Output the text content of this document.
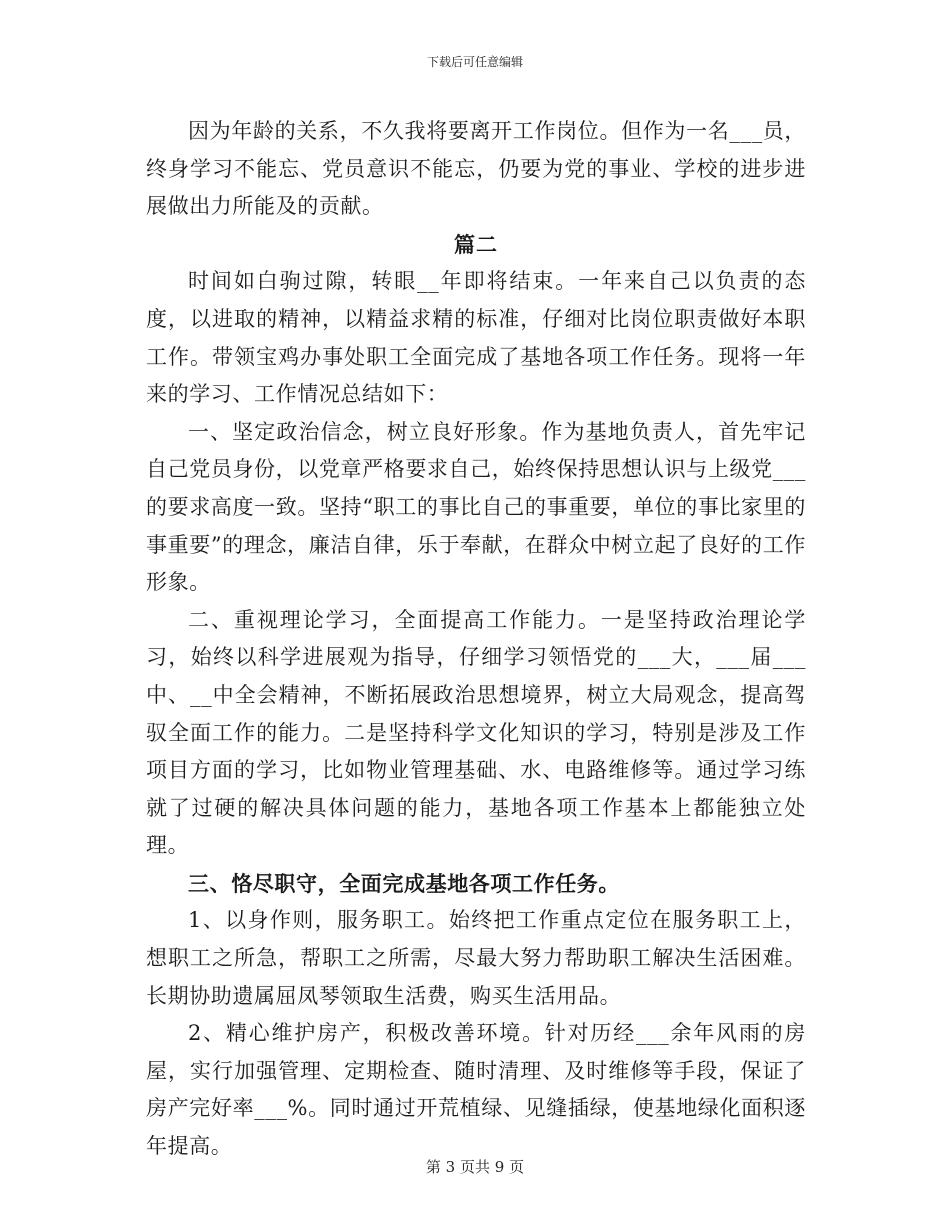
下载后可任意编辑

因为年龄的关系，不久我将要离开工作岗位。但作为一名___员，终身学习不能忘、党员意识不能忘，仍要为党的事业、学校的进步进展做出力所能及的贡献。

篇二

时间如白驹过隙，转眼__年即将结束。一年来自己以负责的态度，以进取的精神，以精益求精的标准，仔细对比岗位职责做好本职工作。带领宝鸡办事处职工全面完成了基地各项工作任务。现将一年来的学习、工作情况总结如下：

一、坚定政治信念，树立良好形象。作为基地负责人，首先牢记自己党员身份，以党章严格要求自己，始终保持思想认识与上级党___的要求高度一致。坚持“职工的事比自己的事重要，单位的事比家里的事重要”的理念，廉洁自律，乐于奉献，在群众中树立起了良好的工作形象。

二、重视理论学习，全面提高工作能力。一是坚持政治理论学习，始终以科学进展观为指导，仔细学习领悟党的___大，___届___中、__中全会精神，不断拓展政治思想境界，树立大局观念，提高驾驭全面工作的能力。二是坚持科学文化知识的学习，特别是涉及工作项目方面的学习，比如物业管理基础、水、电路维修等。通过学习练就了过硬的解决具体问题的能力，基地各项工作基本上都能独立处理。

三、恪尽职守，全面完成基地各项工作任务。

1、以身作则，服务职工。始终把工作重点定位在服务职工上，想职工之所急，帮职工之所需，尽最大努力帮助职工解决生活困难。长期协助遗属屈凤琴领取生活费，购买生活用品。

2、精心维护房产，积极改善环境。针对历经___余年风雨的房屋，实行加强管理、定期检查、随时清理、及时维修等手段，保证了房产完好率___%。同时通过开荒植绿、见缝插绿，使基地绿化面积逐年提高。

第 3 页共 9 页
